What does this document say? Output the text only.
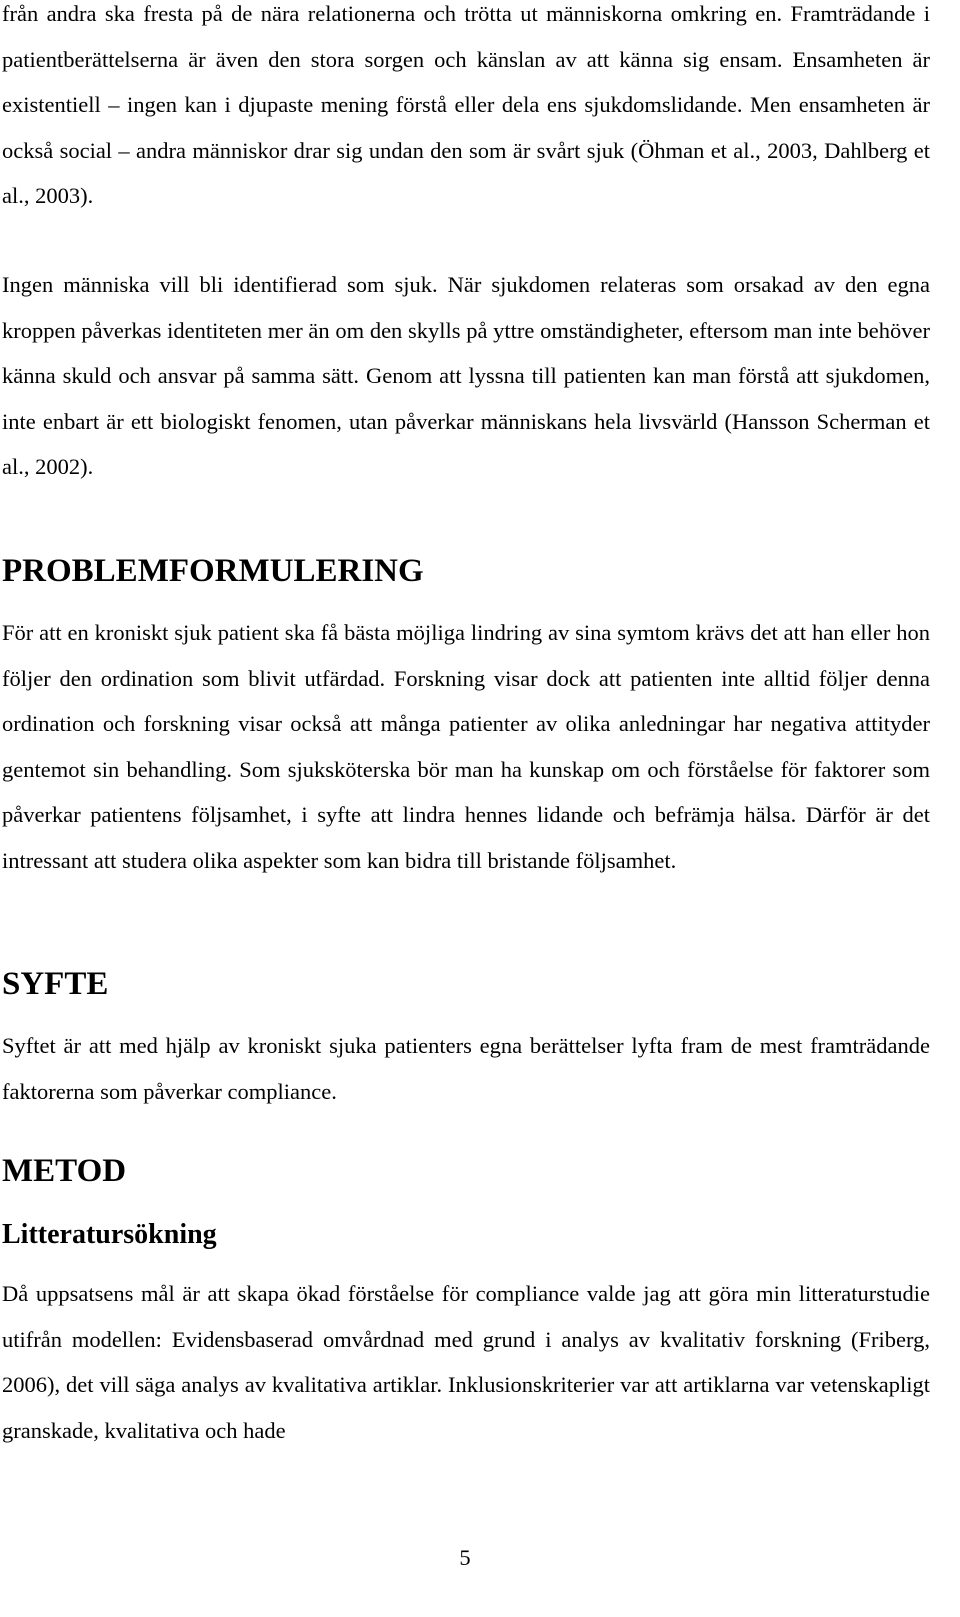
från andra ska fresta på de nära relationerna och trötta ut människorna omkring en. Framträdande i patientberättelserna är även den stora sorgen och känslan av att känna sig ensam. Ensamheten är existentiell – ingen kan i djupaste mening förstå eller dela ens sjukdomslidande. Men ensamheten är också social – andra människor drar sig undan den som är svårt sjuk (Öhman et al., 2003, Dahlberg et al., 2003).

Ingen människa vill bli identifierad som sjuk. När sjukdomen relateras som orsakad av den egna kroppen påverkas identiteten mer än om den skylls på yttre omständigheter, eftersom man inte behöver känna skuld och ansvar på samma sätt. Genom att lyssna till patienten kan man förstå att sjukdomen, inte enbart är ett biologiskt fenomen, utan påverkar människans hela livsvärld (Hansson Scherman et al., 2002).

PROBLEMFORMULERING

För att en kroniskt sjuk patient ska få bästa möjliga lindring av sina symtom krävs det att han eller hon följer den ordination som blivit utfärdad. Forskning visar dock att patienten inte alltid följer denna ordination och forskning visar också att många patienter av olika anledningar har negativa attityder gentemot sin behandling. Som sjuksköterska bör man ha kunskap om och förståelse för faktorer som påverkar patientens följsamhet, i syfte att lindra hennes lidande och befrämja hälsa. Därför är det intressant att studera olika aspekter som kan bidra till bristande följsamhet.

SYFTE

Syftet är att med hjälp av kroniskt sjuka patienters egna berättelser lyfta fram de mest framträdande faktorerna som påverkar compliance.

METOD
Litteratursökning

Då uppsatsens mål är att skapa ökad förståelse för compliance valde jag att göra min litteraturstudie utifrån modellen: Evidensbaserad omvårdnad med grund i analys av kvalitativ forskning (Friberg, 2006), det vill säga analys av kvalitativa artiklar. Inklusionskriterier var att artiklarna var vetenskapligt granskade, kvalitativa och hade

5
